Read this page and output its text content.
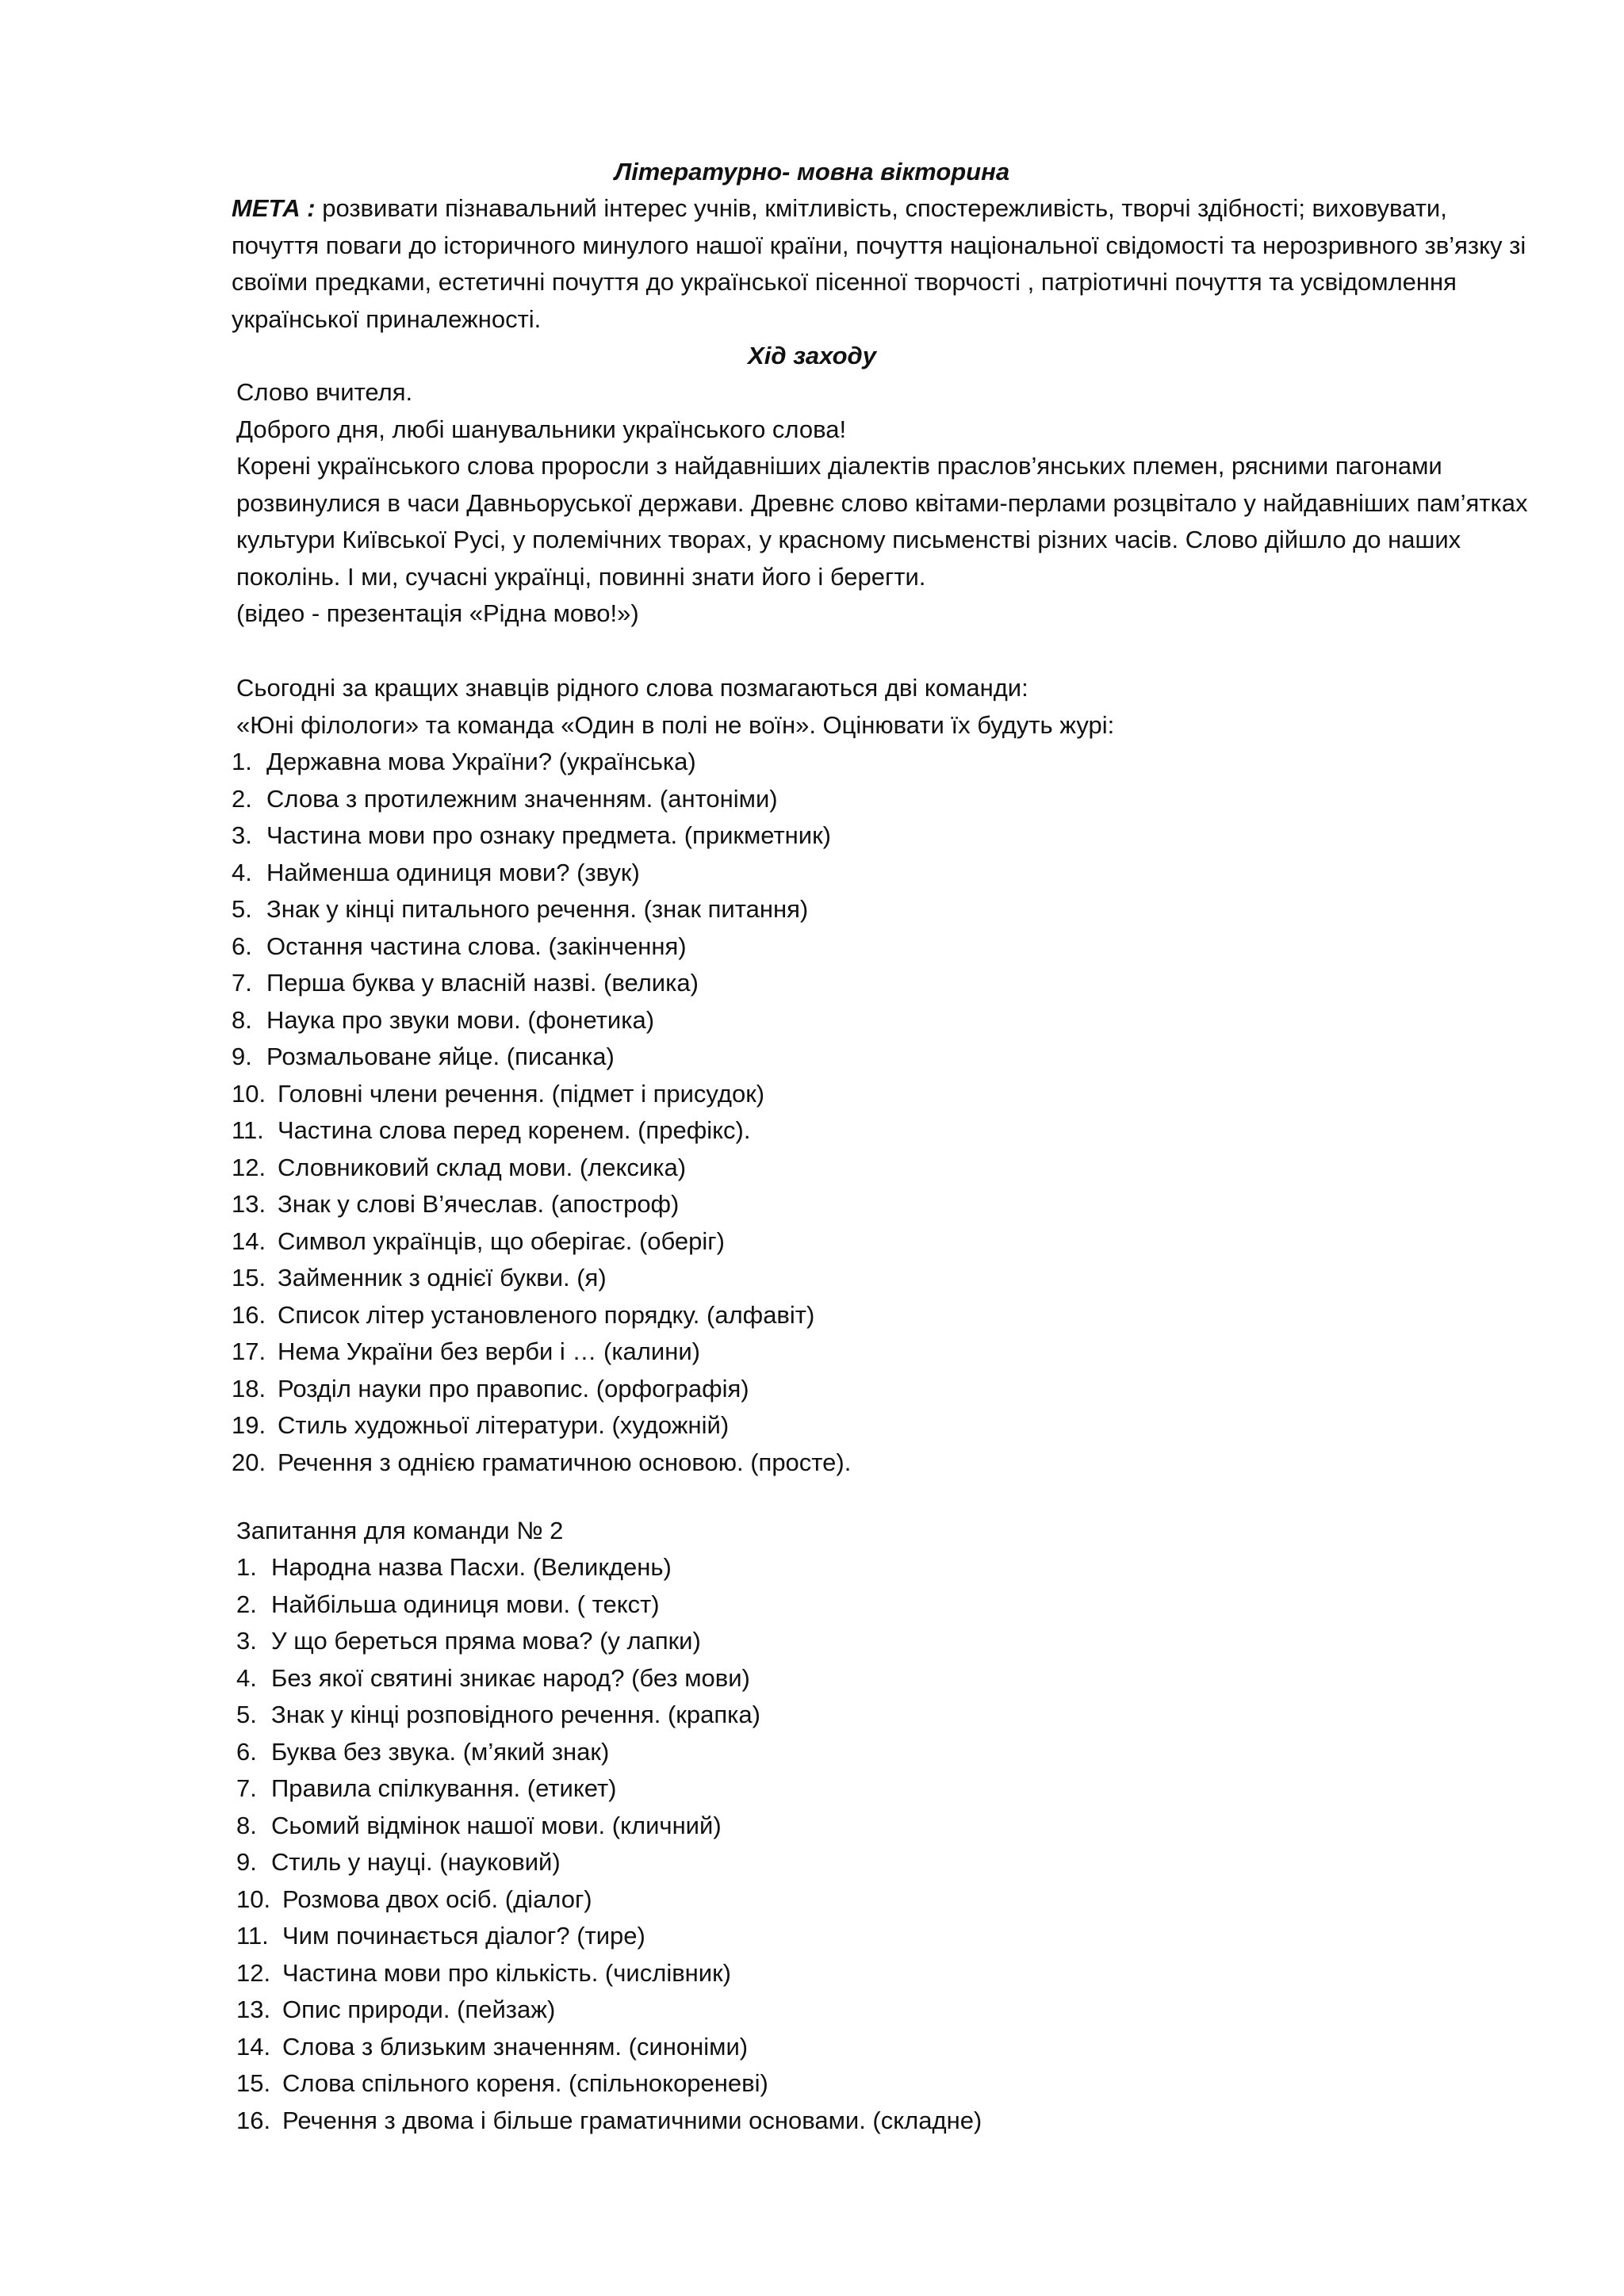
Літературно- мовна вікторина

МЕТА : розвивати пізнавальний інтерес учнів, кмітливість, спостережливість, творчі здібності; виховувати, почуття поваги до історичного минулого нашої країни, почуття національної свідомості та нерозривного зв’язку зі своїми предками, естетичні почуття до української пісенної творчості , патріотичні почуття та усвідомлення української приналежності.

Хід заходу

Слово вчителя.

Доброго дня, любі шанувальники українського слова!

Корені українського слова проросли з найдавніших діалектів праслов’янських племен, рясними пагонами розвинулися в часи Давньоруської держави. Древнє слово квітами-перлами розцвітало у найдавніших пам’ятках культури Київської Русі, у полемічних творах, у красному письменстві різних часів. Слово дійшло до наших поколінь. І ми, сучасні українці, повинні знати його і берегти.

(відео - презентація «Рідна мово!»)

Сьогодні за кращих знавців рідного слова позмагаються дві команди:

«Юні філологи» та команда «Один в полі не воїн». Оцінювати їх будуть журі:

1. Державна мова України? (українська)
2. Слова з протилежним значенням. (антоніми)
3. Частина мови про ознаку предмета. (прикметник)
4. Найменша одиниця мови? (звук)
5. Знак у кінці питального речення. (знак питання)
6. Остання частина слова. (закінчення)
7. Перша буква у власній назві. (велика)
8. Наука про звуки мови. (фонетика)
9. Розмальоване яйце. (писанка)
10. Головні члени речення. (підмет і присудок)
11. Частина слова перед коренем. (префікс).
12. Словниковий склад мови. (лексика)
13. Знак у слові В’ячеслав. (апостроф)
14. Символ українців, що оберігає. (оберіг)
15. Займенник з однієї букви. (я)
16. Список літер установленого порядку. (алфавіт)
17. Нема України без верби і … (калини)
18. Розділ науки про правопис. (орфографія)
19. Стиль художньої літератури. (художній)
20. Речення з однією граматичною основою. (просте).
Запитання для команди № 2
1. Народна назва Пасхи. (Великдень)
2. Найбільша одиниця мови. ( текст)
3. У що береться пряма мова? (у лапки)
4. Без якої святині зникає народ? (без мови)
5. Знак у кінці розповідного речення. (крапка)
6. Буква без звука. (м’який знак)
7. Правила спілкування. (етикет)
8. Сьомий відмінок нашої мови. (кличний)
9. Стиль у науці. (науковий)
10. Розмова двох осіб. (діалог)
11. Чим починається діалог? (тире)
12. Частина мови про кількість. (числівник)
13. Опис природи. (пейзаж)
14. Слова з близьким значенням. (синоніми)
15. Слова спільного кореня. (спільнокореневі)
16. Речення з двома і більше граматичними основами. (складне)
